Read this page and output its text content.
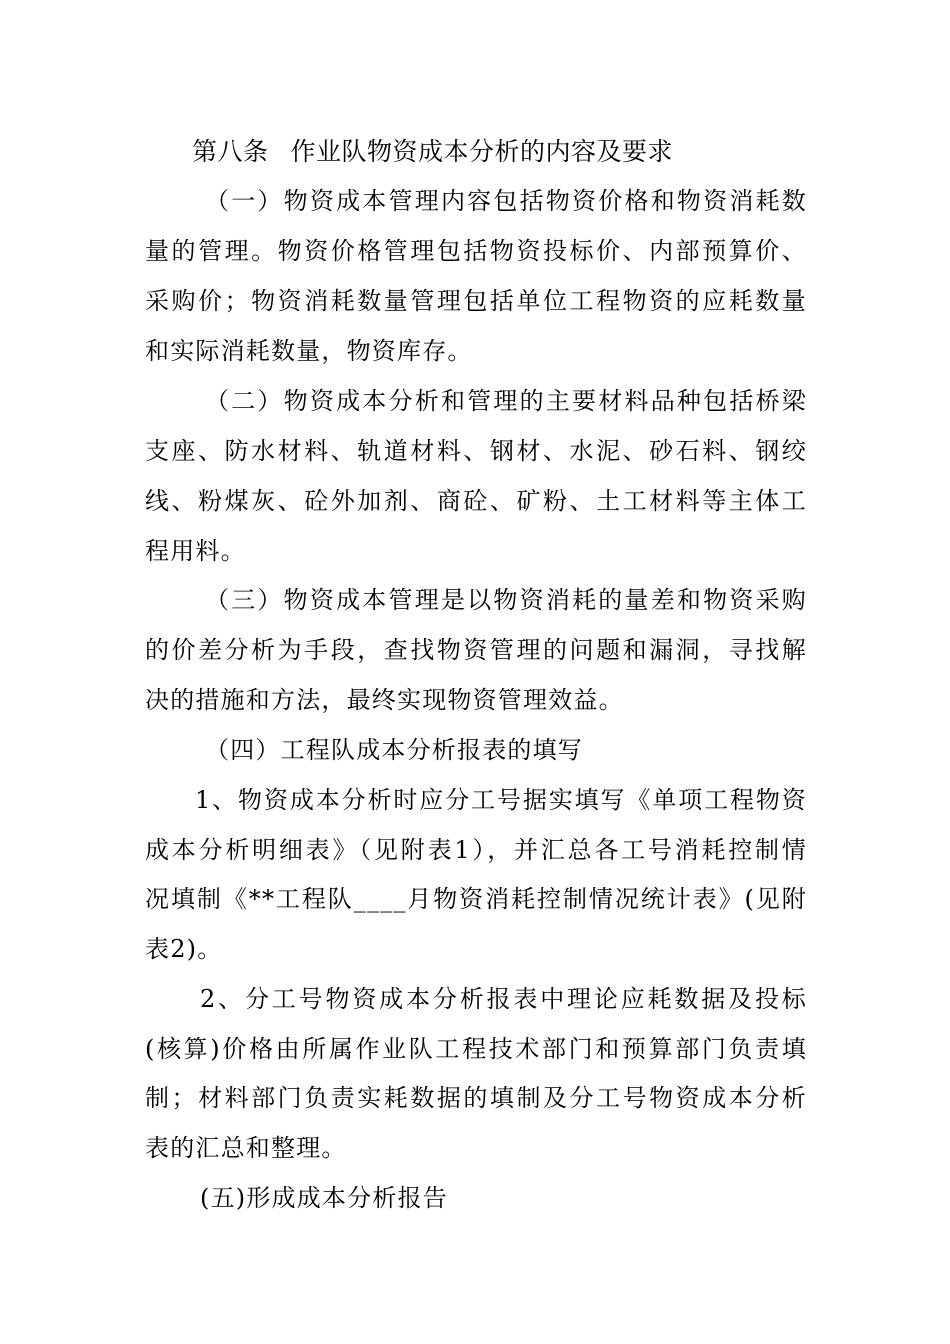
第八条 作业队物资成本分析的内容及要求
（一）物资成本管理内容包括物资价格和物资消耗数
量的管理。物资价格管理包括物资投标价、内部预算价、
采购价；物资消耗数量管理包括单位工程物资的应耗数量
和实际消耗数量，物资库存。
（二）物资成本分析和管理的主要材料品种包括桥梁
支座、防水材料、轨道材料、钢材、水泥、砂石料、钢绞
线、粉煤灰、砼外加剂、商砼、矿粉、土工材料等主体工
程用料。
（三）物资成本管理是以物资消耗的量差和物资采购
的价差分析为手段，查找物资管理的问题和漏洞，寻找解
决的措施和方法，最终实现物资管理效益。
（四）工程队成本分析报表的填写
1、物资成本分析时应分工号据实填写《单项工程物资
成本分析明细表》（见附表1），并汇总各工号消耗控制情
况填制《**工程队____月物资消耗控制情况统计表》(见附
表2)。
2、分工号物资成本分析报表中理论应耗数据及投标
(核算)价格由所属作业队工程技术部门和预算部门负责填
制；材料部门负责实耗数据的填制及分工号物资成本分析
表的汇总和整理。
(五)形成成本分析报告
